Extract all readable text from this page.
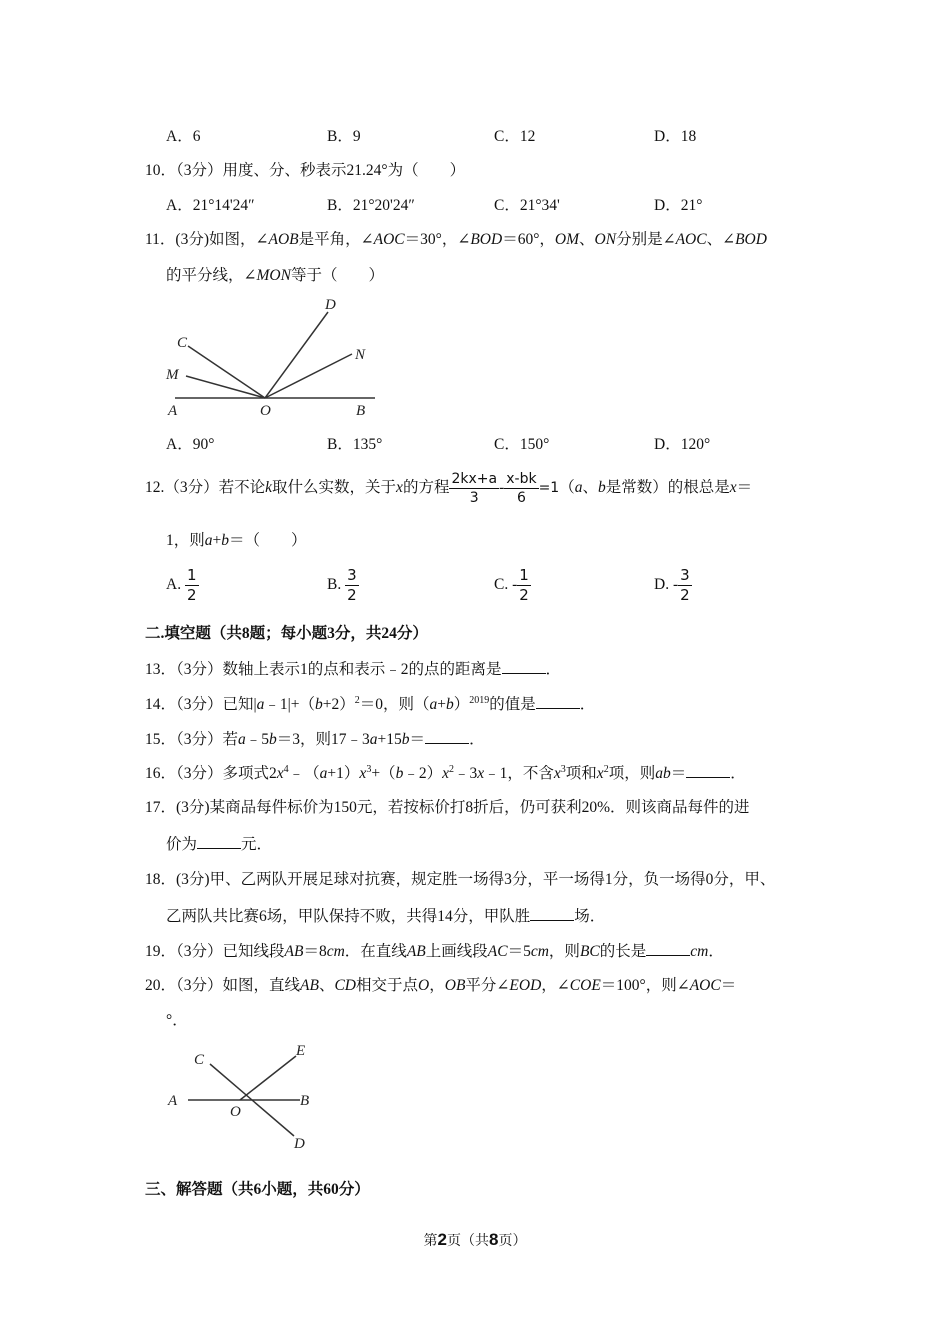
A．6	B．9	C．12	D．18
10．（3分）用度、分、秒表示21.24°为（　　）
A．21°14'24″	B．21°20'24″	C．21°34'	D．21°
11．(3分)如图，∠AOB是平角，∠AOC＝30°，∠BOD＝60°，OM、ON分别是∠AOC、∠BOD
的平分线，∠MON等于（　　）
A	O	B
C
M
D
N
A．90°	B．135°	C．150°	D．120°
12.（3分）若不论k取什么实数，关于x的方程 $\frac{2kx+a}{3} - \frac{x-bk}{6} =1(a$、b是常数）的根总是x＝
1，则a+b＝（　　）
A. $\frac{1}{2}$	B. $\frac{3}{2}$	C. - $\frac{1}{2}$	D. - $\frac{3}{2}$
二.填空题（共8题；每小题3分，共24分）
13．（3分）数轴上表示1的点和表示﹣2的点的距离是	．
14．（3分）已知$|a﹣1|+(b+2)^2=0$，则$(a+b)^{2019}$的值是	．
15．（3分）若a﹣5b＝3，则17﹣3a+15b＝	．
16．（3分）多项式$2x^4﹣(a+1)x^3+(b﹣2)x^2﹣3x﹣1$，不含$x^3$项和$x^2$项，则ab＝	．
17．(3分)某商品每件标价为150元，若按标价打8折后，仍可获利20%．则该商品每件的进
价为	元．
18．(3分)甲、乙两队开展足球对抗赛，规定胜一场得3分，平一场得1分，负一场得0分，甲、
乙两队共比赛6场，甲队保持不败，共得14分，甲队胜	场．
19．（3分）已知线段AB＝8cm．在直线AB上画线段AC＝5cm，则BC的长是	cm．
20．（3分）如图，直线AB、CD相交于点O，OB平分∠EOD，∠COE＝100°，则∠AOC＝
°．
A
O
B
C
E
D
三、解答题（共6小题，共60分）
第2页（共8页）
